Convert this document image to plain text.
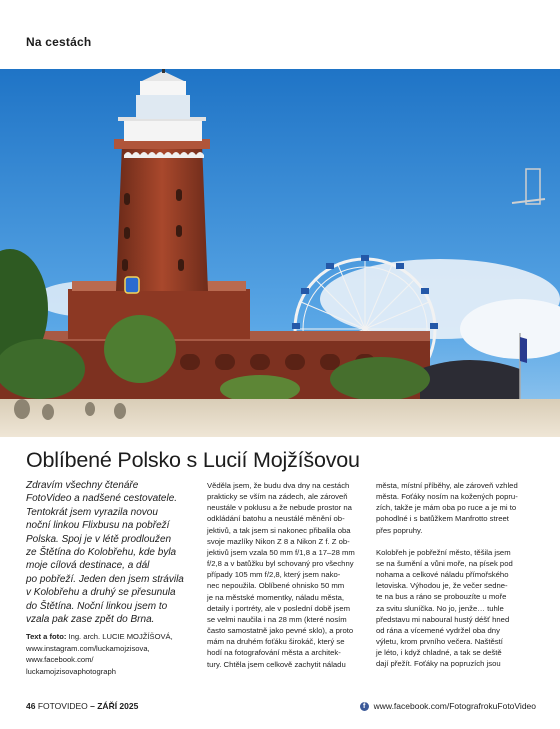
Na cestách
Oblíbené Polsko s Lucií Mojžíšovou

Zdravím všechny čtenáře
FotoVideo a nadšené cestovatele.
Tentokrát jsem vyrazila novou
noční linkou Flixbusu na pobřeží
Polska. Spoj je v létě prodloužen
ze Štětína do Kolobřehu, kde byla
moje cílová destinace, a dál
po pobřeží. Jeden den jsem strávila
v Kolobřehu a druhý se přesunula
do Štětína. Noční linkou jsem to
vzala pak zase zpět do Brna.

Text a foto: Ing. arch. LUCIE MOJŽÍŠOVÁ,
www.instagram.com/luckamojzisova,
www.facebook.com/
luckamojzisovaphotograph

Věděla jsem, že budu dva dny na cestách
prakticky se vším na zádech, ale zároveň
neustále v poklusu a že nebude prostor na
odkládání batohu a neustálé měnění ob-
jektivů, a tak jsem si nakonec přibalila oba
svoje mazlíky Nikon Z 8 a Nikon Z f. Z ob-
jektivů jsem vzala 50 mm f/1,8 a 17–28 mm
f/2,8 a v batůžku byl schovaný pro všechny
případy 105 mm f/2,8, který jsem nako-
nec nepoužila. Oblíbené ohnisko 50 mm
je na městské momentky, náladu města,
detaily i portréty, ale v poslední době jsem
se velmi naučila i na 28 mm (které nosím
často samostatně jako pevné sklo), a proto
mám na druhém foťáku širokáč, který se
hodí na fotografování města a architek-
tury. Chtěla jsem celkově zachytit náladu

města, místní příběhy, ale zároveň vzhled
města. Foťáky nosím na kožených popru-
zích, takže je mám oba po ruce a je mi to
pohodlné i s batůžkem Manfrotto street
přes popruhy.

Kolobřeh je pobřežní město, těšila jsem
se na šumění a vůni moře, na písek pod
nohama a celkové náladu přímořského
letoviska. Výhodou je, že večer sedne-
te na bus a ráno se probouzíte u moře
za svitu sluníčka. No jo, jenže… tuhle
představu mi naboural hustý déšť hned
od rána a vícemené vydržel oba dny
výletu, krom prvního večera. Naštěstí
je léto, i když chladné, a tak se deště
dají přežít. Foťáky na popruzích jsou

46 FOTOVIDEO – ZÁŘÍ 2025	f www.facebook.com/FotografrokuFotoVideo
